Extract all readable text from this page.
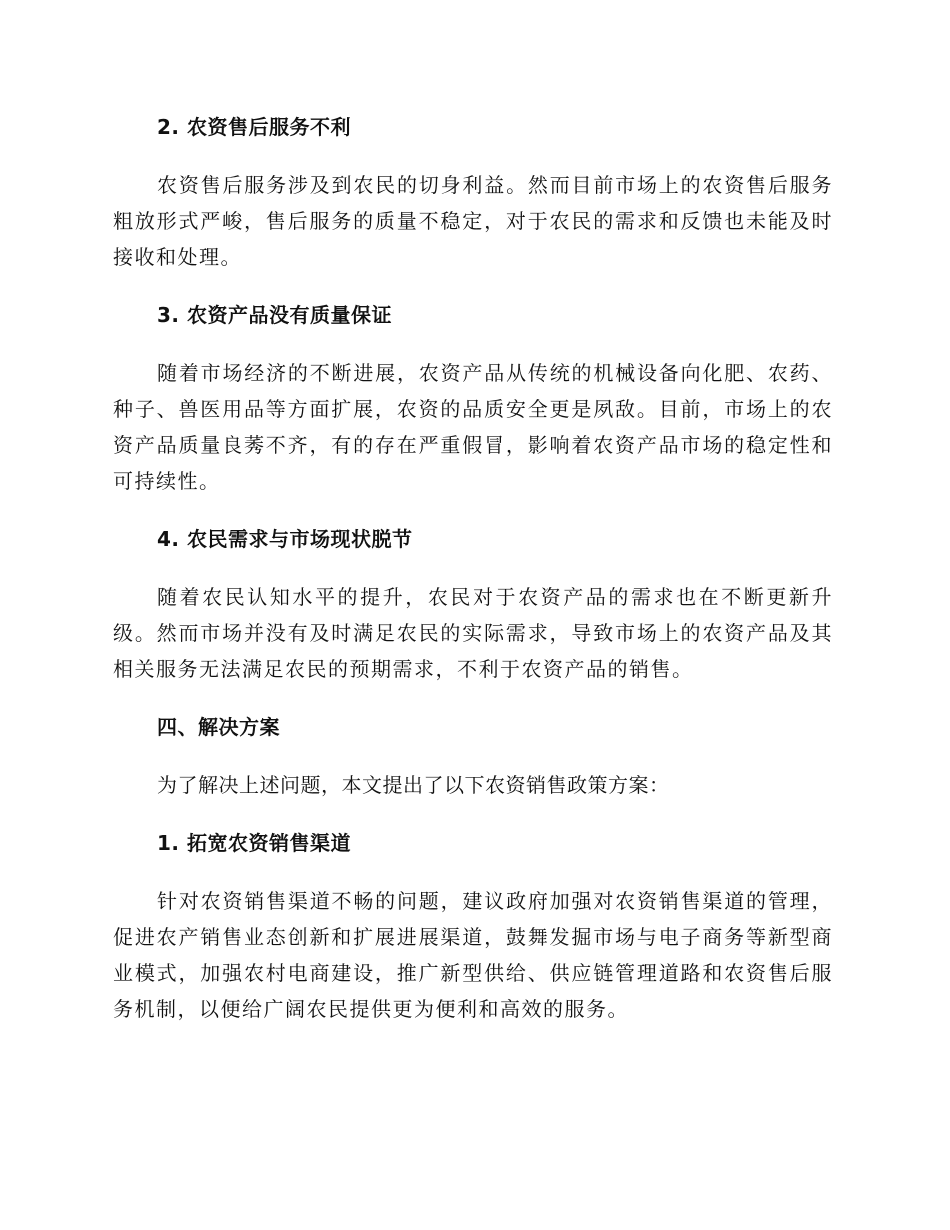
2. 农资售后服务不利
农资售后服务涉及到农民的切身利益。然而目前市场上的农资售后服务粗放形式严峻，售后服务的质量不稳定，对于农民的需求和反馈也未能及时接收和处理。
3. 农资产品没有质量保证
随着市场经济的不断进展，农资产品从传统的机械设备向化肥、农药、种子、兽医用品等方面扩展，农资的品质安全更是夙敌。目前，市场上的农资产品质量良莠不齐，有的存在严重假冒，影响着农资产品市场的稳定性和可持续性。
4. 农民需求与市场现状脱节
随着农民认知水平的提升，农民对于农资产品的需求也在不断更新升级。然而市场并没有及时满足农民的实际需求，导致市场上的农资产品及其相关服务无法满足农民的预期需求，不利于农资产品的销售。
四、解决方案
为了解决上述问题，本文提出了以下农资销售政策方案：
1. 拓宽农资销售渠道
针对农资销售渠道不畅的问题，建议政府加强对农资销售渠道的管理，促进农产销售业态创新和扩展进展渠道，鼓舞发掘市场与电子商务等新型商业模式，加强农村电商建设，推广新型供给、供应链管理道路和农资售后服务机制，以便给广阔农民提供更为便利和高效的服务。
